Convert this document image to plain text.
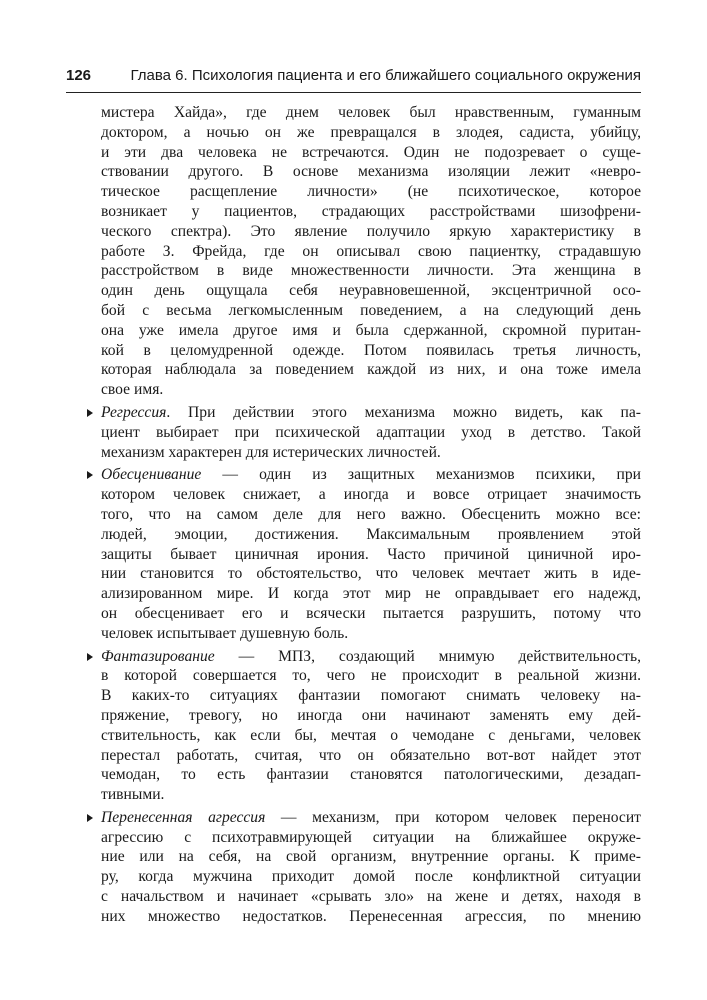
126	Глава 6. Психология пациента и его ближайшего социального окружения
мистера Хайда», где днем человек был нравственным, гуманным
доктором, а ночью он же превращался в злодея, садиста, убийцу,
и эти два человека не встречаются. Один не подозревает о суще-
ствовании другого. В основе механизма изоляции лежит «невро-
тическое расщепление личности» (не психотическое, которое
возникает у пациентов, страдающих расстройствами шизофрени-
ческого спектра). Это явление получило яркую характеристику в
работе З. Фрейда, где он описывал свою пациентку, страдавшую
расстройством в виде множественности личности. Эта женщина в
один день ощущала себя неуравновешенной, эксцентричной осо-
бой с весьма легкомысленным поведением, а на следующий день
она уже имела другое имя и была сдержанной, скромной пуритан-
кой в целомудренной одежде. Потом появилась третья личность,
которая наблюдала за поведением каждой из них, и она тоже имела
свое имя.
Регрессия. При действии этого механизма можно видеть, как па-
циент выбирает при психической адаптации уход в детство. Такой
механизм характерен для истерических личностей.
Обесценивание — один из защитных механизмов психики, при
котором человек снижает, а иногда и вовсе отрицает значимость
того, что на самом деле для него важно. Обесценить можно все:
людей, эмоции, достижения. Максимальным проявлением этой
защиты бывает циничная ирония. Часто причиной циничной иро-
нии становится то обстоятельство, что человек мечтает жить в иде-
ализированном мире. И когда этот мир не оправдывает его надежд,
он обесценивает его и всячески пытается разрушить, потому что
человек испытывает душевную боль.
Фантазирование — МПЗ, создающий мнимую действительность,
в которой совершается то, чего не происходит в реальной жизни.
В каких-то ситуациях фантазии помогают снимать человеку на-
пряжение, тревогу, но иногда они начинают заменять ему дей-
ствительность, как если бы, мечтая о чемодане с деньгами, человек
перестал работать, считая, что он обязательно вот-вот найдет этот
чемодан, то есть фантазии становятся патологическими, дезадап-
тивными.
Перенесенная агрессия — механизм, при котором человек переносит
агрессию с психотравмирующей ситуации на ближайшее окруже-
ние или на себя, на свой организм, внутренние органы. К приме-
ру, когда мужчина приходит домой после конфликтной ситуации
с начальством и начинает «срывать зло» на жене и детях, находя в
них множество недостатков. Перенесенная агрессия, по мнению
